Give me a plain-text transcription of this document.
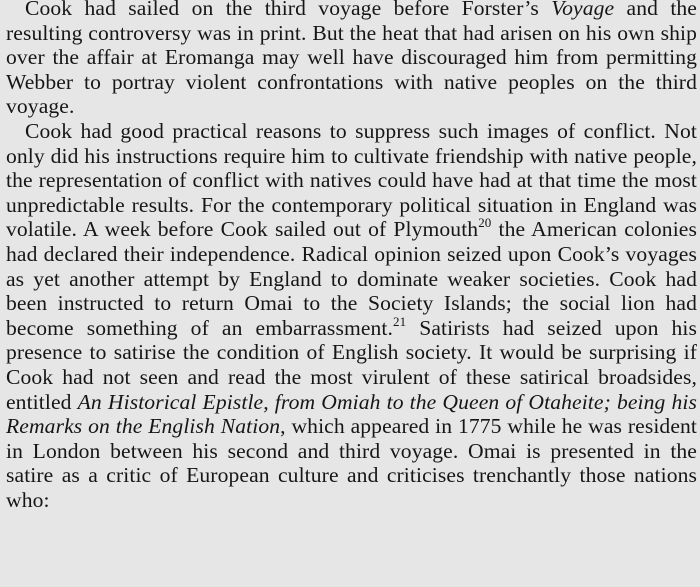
Cook had sailed on the third voyage before Forster’s Voyage and the resulting controversy was in print. But the heat that had arisen on his own ship over the affair at Eromanga may well have discouraged him from permitting Webber to portray violent confrontations with native peoples on the third voyage.

Cook had good practical reasons to suppress such images of conflict. Not only did his instructions require him to cultivate friendship with native people, the representation of conflict with natives could have had at that time the most unpredictable results. For the contemporary political situation in England was volatile. A week before Cook sailed out of Plymouth$^{20}$ the American colonies had declared their independence. Radical opinion seized upon Cook’s voyages as yet another attempt by England to dominate weaker societies. Cook had been instructed to return Omai to the Society Islands; the social lion had become something of an embarrassment.$^{21}$ Satirists had seized upon his presence to satirise the condition of English society. It would be surprising if Cook had not seen and read the most virulent of these satirical broadsides, entitled An Historical Epistle, from Omiah to the Queen of Otaheite; being his Remarks on the English Nation, which appeared in 1775 while he was resident in London between his second and third voyage. Omai is presented in the satire as a critic of European culture and criticises trenchantly those nations who:
